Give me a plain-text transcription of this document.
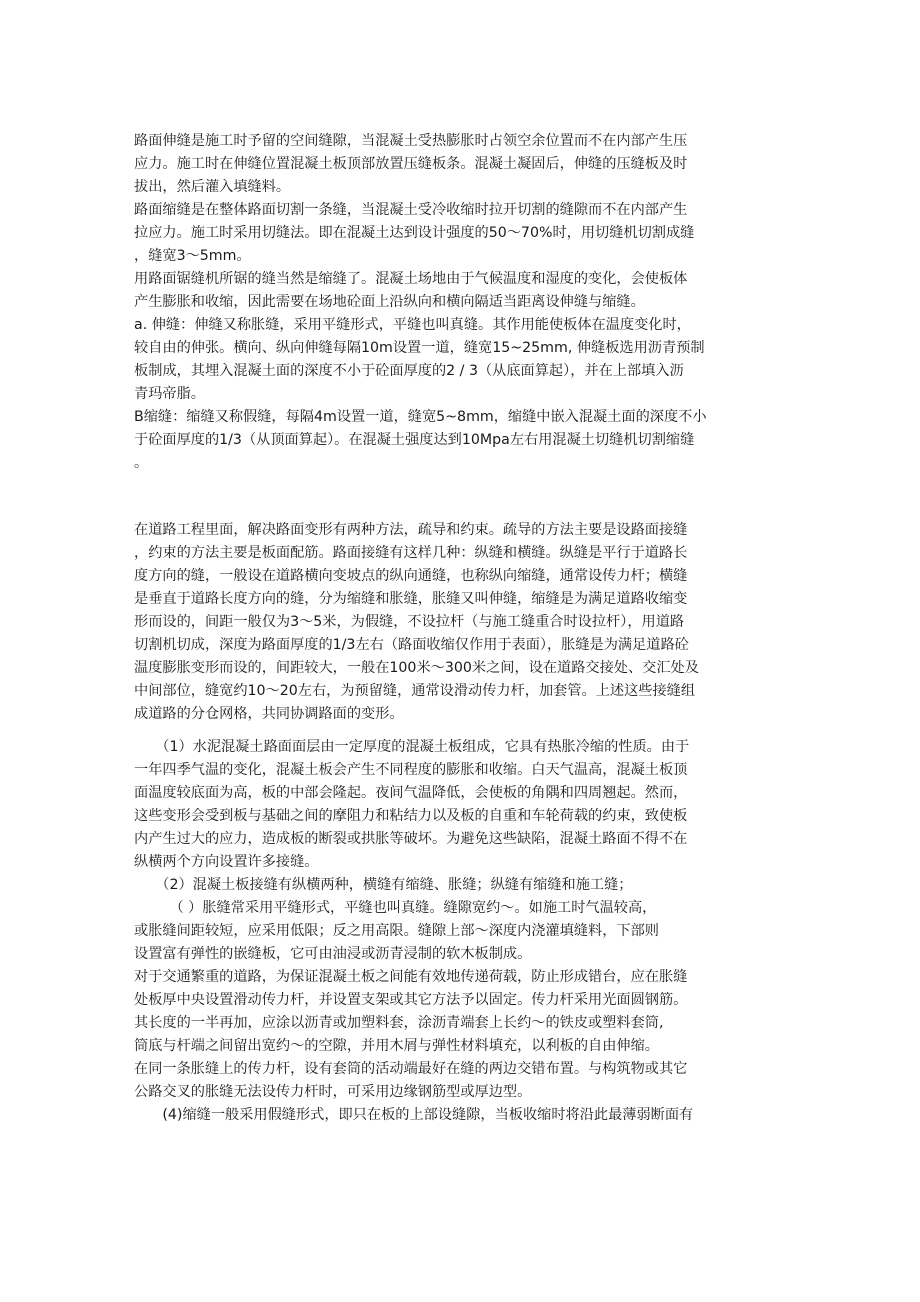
路面伸缝是施工时予留的空间缝隙，当混凝土受热膨胀时占领空余位置而不在内部产生压
应力。施工时在伸缝位置混凝土板顶部放置压缝板条。混凝土凝固后，伸缝的压缝板及时
拔出，然后灌入填缝料。
路面缩缝是在整体路面切割一条缝，当混凝土受冷收缩时拉开切割的缝隙而不在内部产生
拉应力。施工时采用切缝法。即在混凝土达到设计强度的50～70%时，用切缝机切割成缝
，缝宽3～5mm。
用路面锯缝机所锯的缝当然是缩缝了。混凝土场地由于气候温度和湿度的变化，会使板体
产生膨胀和收缩，因此需要在场地砼面上沿纵向和横向隔适当距离设伸缝与缩缝。
a. 伸缝：伸缝又称胀缝，采用平缝形式，平缝也叫真缝。其作用能使板体在温度变化时，
较自由的伸张。横向、纵向伸缝每隔10m设置一道，缝宽15~25mm, 伸缝板选用沥青预制
板制成，其埋入混凝土面的深度不小于砼面厚度的2 / 3（从底面算起），并在上部填入沥
青玛帝脂。
B缩缝：缩缝又称假缝，每隔4m设置一道，缝宽5~8mm，缩缝中嵌入混凝土面的深度不小
于砼面厚度的1/3（从顶面算起）。在混凝土强度达到10Mpa左右用混凝土切缝机切割缩缝
。
在道路工程里面，解决路面变形有两种方法，疏导和约束。疏导的方法主要是设路面接缝
，约束的方法主要是板面配筋。路面接缝有这样几种：纵缝和横缝。纵缝是平行于道路长
度方向的缝，一般设在道路横向变坡点的纵向通缝，也称纵向缩缝，通常设传力杆；横缝
是垂直于道路长度方向的缝，分为缩缝和胀缝，胀缝又叫伸缝，缩缝是为满足道路收缩变
形而设的，间距一般仅为3～5米，为假缝，不设拉杆（与施工缝重合时设拉杆），用道路
切割机切成，深度为路面厚度的1/3左右（路面收缩仅作用于表面），胀缝是为满足道路砼
温度膨胀变形而设的，间距较大，一般在100米～300米之间，设在道路交接处、交汇处及
中间部位，缝宽约10～20左右，为预留缝，通常设滑动传力杆，加套管。上述这些接缝组
成道路的分仓网格，共同协调路面的变形。
　　（1）水泥混凝土路面面层由一定厚度的混凝土板组成，它具有热胀冷缩的性质。由于
一年四季气温的变化，混凝土板会产生不同程度的膨胀和收缩。白天气温高，混凝土板顶
面温度较底面为高，板的中部会隆起。夜间气温降低，会使板的角隅和四周翘起。然而，
这些变形会受到板与基础之间的摩阻力和粘结力以及板的自重和车轮荷载的约束，致使板
内产生过大的应力，造成板的断裂或拱胀等破坏。为避免这些缺陷，混凝土路面不得不在
纵横两个方向设置许多接缝。
　　（2）混凝土板接缝有纵横两种，横缝有缩缝、胀缝；纵缝有缩缝和施工缝；
　　　（ ）胀缝常采用平缝形式，平缝也叫真缝。缝隙宽约～。如施工时气温较高，
或胀缝间距较短，应采用低限；反之用高限。缝隙上部～深度内浇灌填缝料，下部则
设置富有弹性的嵌缝板，它可由油浸或沥青浸制的软木板制成。
对于交通繁重的道路，为保证混凝土板之间能有效地传递荷载，防止形成错台，应在胀缝
处板厚中央设置滑动传力杆，并设置支架或其它方法予以固定。传力杆采用光面圆钢筋。
其长度的一半再加，应涂以沥青或加塑料套，涂沥青端套上长约～的铁皮或塑料套筒,
筒底与杆端之间留出宽约～的空隙，并用木屑与弹性材料填充，以利板的自由伸缩。
在同一条胀缝上的传力杆，设有套筒的活动端最好在缝的两边交错布置。与构筑物或其它
公路交叉的胀缝无法设传力杆时，可采用边缘钢筋型或厚边型。
　　(4)缩缝一般采用假缝形式，即只在板的上部设缝隙，当板收缩时将沿此最薄弱断面有
